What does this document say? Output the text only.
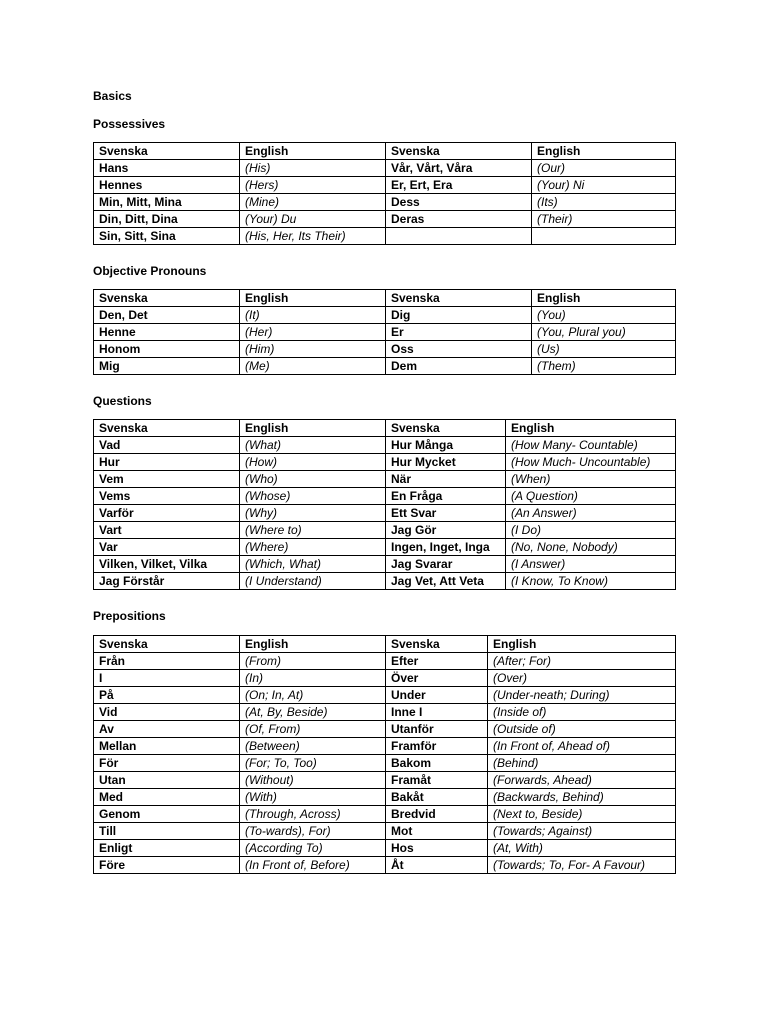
Basics
Possessives
Svenska	English	Svenska	English
Hans	(His)	Vår, Vårt, Våra	(Our)
Hennes	(Hers)	Er, Ert, Era	(Your) Ni
Min, Mitt, Mina	(Mine)	Dess	(Its)
Din, Ditt, Dina	(Your) Du	Deras	(Their)
Sin, Sitt, Sina	(His, Her, Its Their)		
Objective Pronouns
Svenska	English	Svenska	English
Den, Det	(It)	Dig	(You)
Henne	(Her)	Er	(You, Plural you)
Honom	(Him)	Oss	(Us)
Mig	(Me)	Dem	(Them)
Questions
Svenska	English	Svenska	English
Vad	(What)	Hur Många	(How Many- Countable)
Hur	(How)	Hur Mycket	(How Much- Uncountable)
Vem	(Who)	När	(When)
Vems	(Whose)	En Fråga	(A Question)
Varför	(Why)	Ett Svar	(An Answer)
Vart	(Where to)	Jag Gör	(I Do)
Var	(Where)	Ingen, Inget, Inga	(No, None, Nobody)
Vilken, Vilket, Vilka	(Which, What)	Jag Svarar	(I Answer)
Jag Förstår	(I Understand)	Jag Vet, Att Veta	(I Know, To Know)
Prepositions
Svenska	English	Svenska	English
Från	(From)	Efter	(After; For)
I	(In)	Över	(Over)
På	(On; In, At)	Under	(Under-neath; During)
Vid	(At, By, Beside)	Inne I	(Inside of)
Av	(Of, From)	Utanför	(Outside of)
Mellan	(Between)	Framför	(In Front of, Ahead of)
För	(For; To, Too)	Bakom	(Behind)
Utan	(Without)	Framåt	(Forwards, Ahead)
Med	(With)	Bakåt	(Backwards, Behind)
Genom	(Through, Across)	Bredvid	(Next to, Beside)
Till	(To-wards), For)	Mot	(Towards; Against)
Enligt	(According To)	Hos	(At, With)
Före	(In Front of, Before)	Åt	(Towards; To, For- A Favour)
